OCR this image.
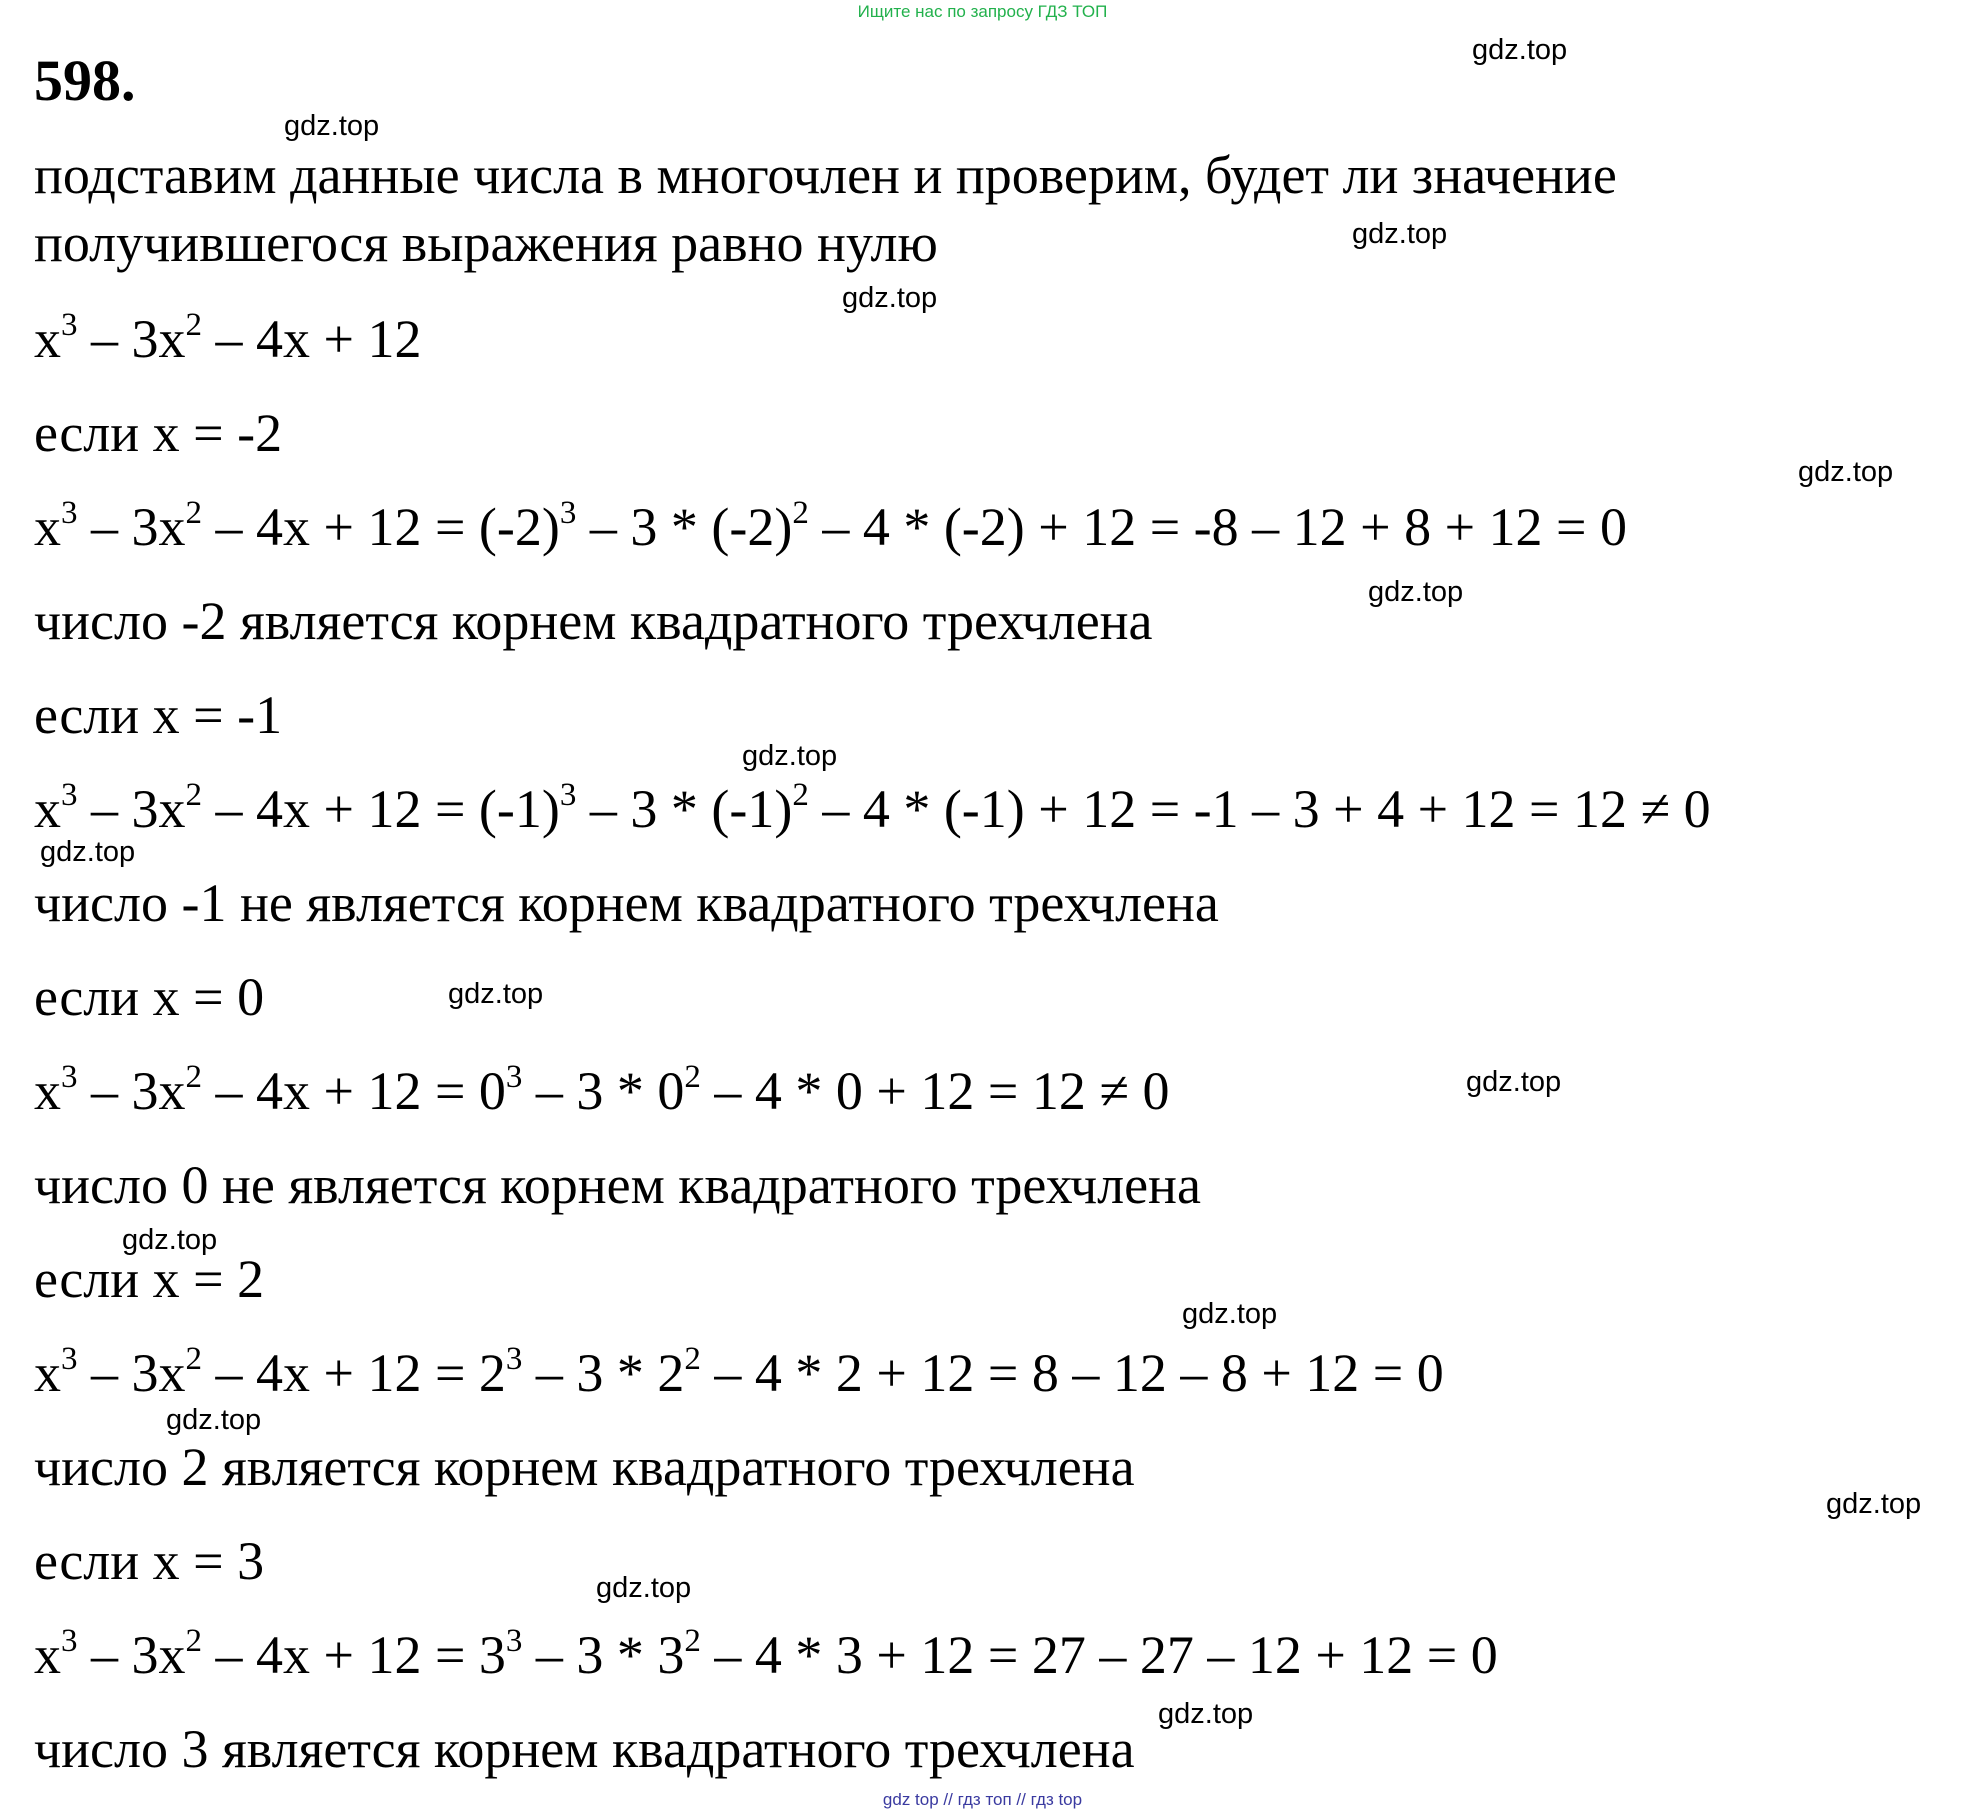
Ищите нас по запросу ГДЗ ТОП
598.
подставим данные числа в многочлен и проверим, будет ли значение
получившегося выражения равно нулю
$x^3 - 3x^2 - 4x + 12$
если x = -2
$x^3 - 3x^2 - 4x + 12 = (-2)^3 - 3 * (-2)^2 - 4 * (-2) + 12 = -8 - 12 + 8 + 12 = 0$
число -2 является корнем квадратного трехчлена
если x = -1
$x^3 - 3x^2 - 4x + 12 = (-1)^3 - 3 * (-1)^2 - 4 * (-1) + 12 = -1 - 3 + 4 + 12 = 12 \ne 0$
число -1 не является корнем квадратного трехчлена
если x = 0
$x^3 - 3x^2 - 4x + 12 = 0^3 - 3 * 0^2 - 4 * 0 + 12 = 12 \ne 0$
число 0 не является корнем квадратного трехчлена
если x = 2
$x^3 - 3x^2 - 4x + 12 = 2^3 - 3 * 2^2 - 4 * 2 + 12 = 8 - 12 - 8 + 12 = 0$
число 2 является корнем квадратного трехчлена
если x = 3
$x^3 - 3x^2 - 4x + 12 = 3^3 - 3 * 3^2 - 4 * 3 + 12 = 27 - 27 - 12 + 12 = 0$
число 3 является корнем квадратного трехчлена
gdz.top
gdz.top
gdz.top
gdz.top
gdz.top
gdz.top
gdz.top
gdz.top
gdz.top
gdz.top
gdz.top
gdz.top
gdz.top
gdz.top
gdz.top
gdz.top
gdz top // гдз топ // гдз top
